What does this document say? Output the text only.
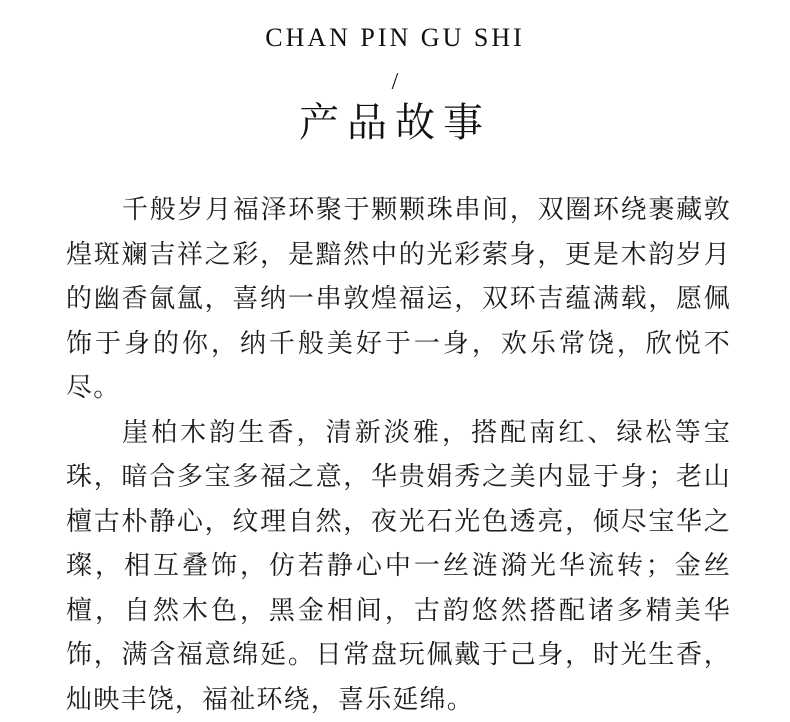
CHAN PIN GU SHI
/
产品故事

千般岁月福泽环聚于颗颗珠串间，双圈环绕裹藏敦煌斑斓吉祥之彩，是黯然中的光彩萦身，更是木韵岁月的幽香氤氲，喜纳一串敦煌福运，双环吉蕴满载，愿佩饰于身的你，纳千般美好于一身，欢乐常饶，欣悦不尽。

崖柏木韵生香，清新淡雅，搭配南红、绿松等宝珠，暗合多宝多福之意，华贵娟秀之美内显于身；老山檀古朴静心，纹理自然，夜光石光色透亮，倾尽宝华之璨，相互叠饰，仿若静心中一丝涟漪光华流转；金丝檀，自然木色，黑金相间，古韵悠然搭配诸多精美华饰，满含福意绵延。日常盘玩佩戴于己身，时光生香，灿映丰饶，福祉环绕，喜乐延绵。
